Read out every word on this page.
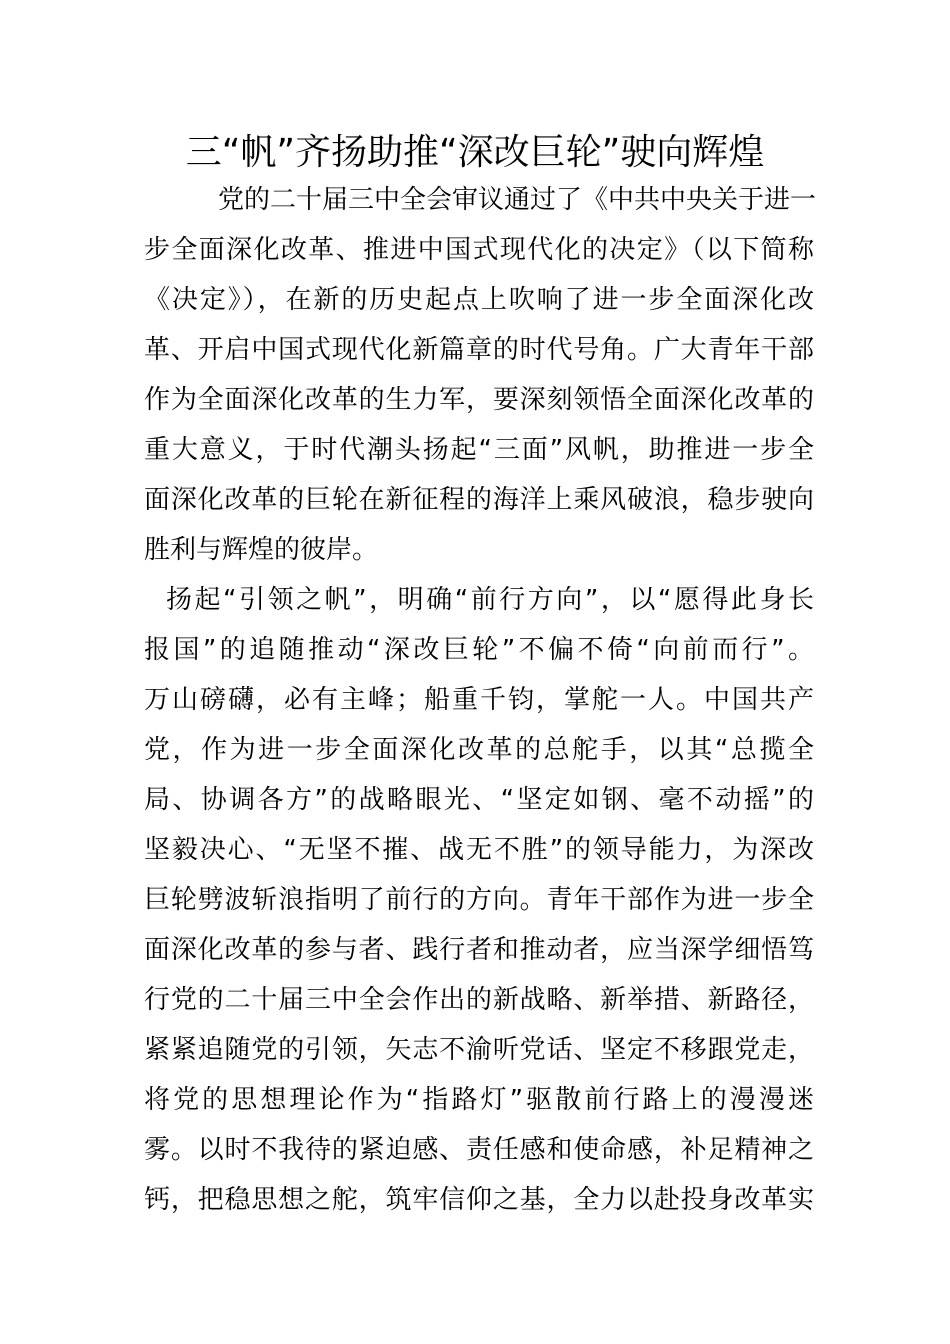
三“帆”齐扬助推“深改巨轮”驶向辉煌
党的二十届三中全会审议通过了《中共中央关于进一
步全面深化改革、推进中国式现代化的决定》（以下简称
《决定》），在新的历史起点上吹响了进一步全面深化改
革、开启中国式现代化新篇章的时代号角。广大青年干部
作为全面深化改革的生力军，要深刻领悟全面深化改革的
重大意义，于时代潮头扬起“三面”风帆，助推进一步全
面深化改革的巨轮在新征程的海洋上乘风破浪，稳步驶向
胜利与辉煌的彼岸。
扬起“引领之帆”，明确“前行方向”，以“愿得此身长
报国”的追随推动“深改巨轮”不偏不倚“向前而行”。
万山磅礴，必有主峰；船重千钧，掌舵一人。中国共产
党，作为进一步全面深化改革的总舵手，以其“总揽全
局、协调各方”的战略眼光、“坚定如钢、毫不动摇”的
坚毅决心、“无坚不摧、战无不胜”的领导能力，为深改
巨轮劈波斩浪指明了前行的方向。青年干部作为进一步全
面深化改革的参与者、践行者和推动者，应当深学细悟笃
行党的二十届三中全会作出的新战略、新举措、新路径，
紧紧追随党的引领，矢志不渝听党话、坚定不移跟党走，
将党的思想理论作为“指路灯”驱散前行路上的漫漫迷
雾。以时不我待的紧迫感、责任感和使命感，补足精神之
钙，把稳思想之舵，筑牢信仰之基，全力以赴投身改革实
